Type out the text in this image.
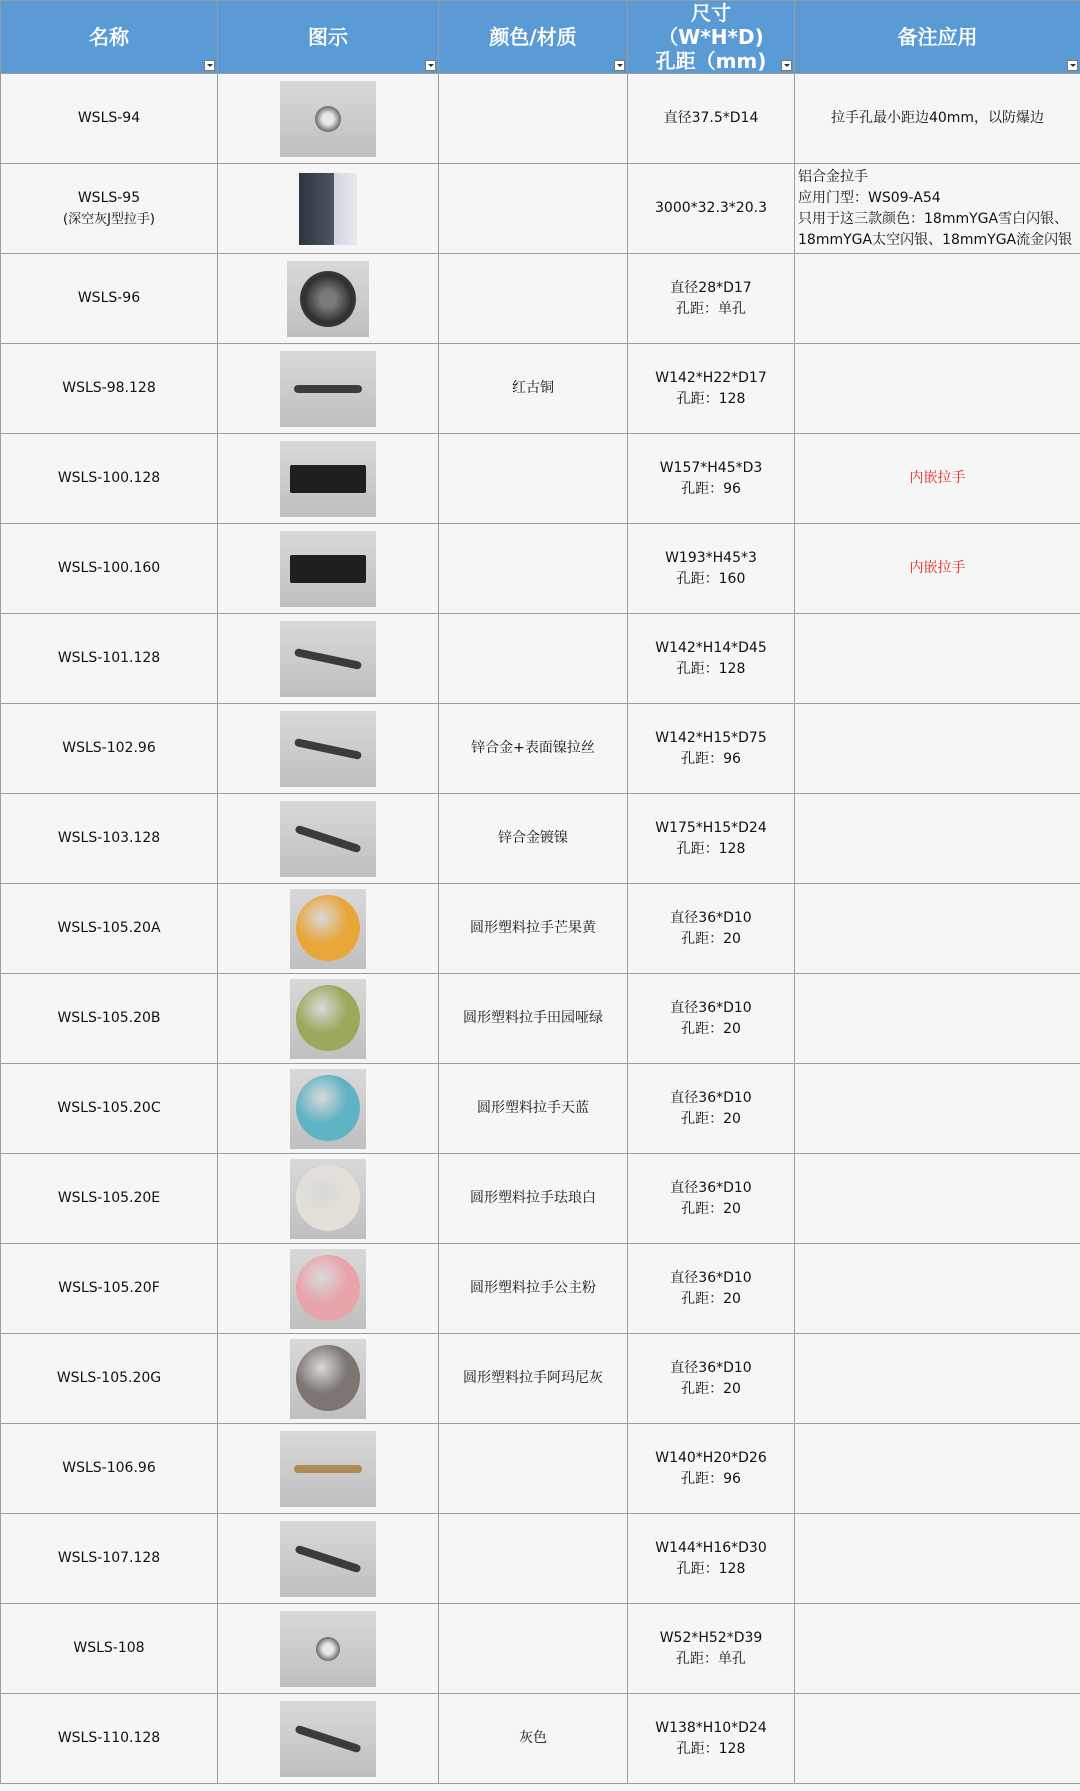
名称	图示	颜色/材质	尺寸（W*H*D)
孔距（mm)	备注应用

WSLS-94			直径37.5*D14	拉手孔最小距边40mm，以防爆边

WSLS-95
(深空灰J型拉手)			3000*32.3*20.3	铝合金拉手
应用门型：WS09-A54
只用于这三款颜色：18mmYGA雪白闪银、
18mmYGA太空闪银、18mmYGA流金闪银

WSLS-96			直径28*D17
孔距：单孔	

WSLS-98.128		红古铜	W142*H22*D17
孔距：128	

WSLS-100.128			W157*H45*D3
孔距：96	内嵌拉手

WSLS-100.160			W193*H45*3
孔距：160	内嵌拉手

WSLS-101.128			W142*H14*D45
孔距：128	

WSLS-102.96		锌合金+表面镍拉丝	W142*H15*D75
孔距：96	

WSLS-103.128		锌合金镀镍	W175*H15*D24
孔距：128	

WSLS-105.20A		圆形塑料拉手芒果黄	直径36*D10
孔距：20	

WSLS-105.20B		圆形塑料拉手田园哑绿	直径36*D10
孔距：20	

WSLS-105.20C		圆形塑料拉手天蓝	直径36*D10
孔距：20	

WSLS-105.20E		圆形塑料拉手珐琅白	直径36*D10
孔距：20	

WSLS-105.20F		圆形塑料拉手公主粉	直径36*D10
孔距：20	

WSLS-105.20G		圆形塑料拉手阿玛尼灰	直径36*D10
孔距：20	

WSLS-106.96			W140*H20*D26
孔距：96	

WSLS-107.128			W144*H16*D30
孔距：128	

WSLS-108			W52*H52*D39
孔距：单孔	

WSLS-110.128		灰色	W138*H10*D24
孔距：128	
